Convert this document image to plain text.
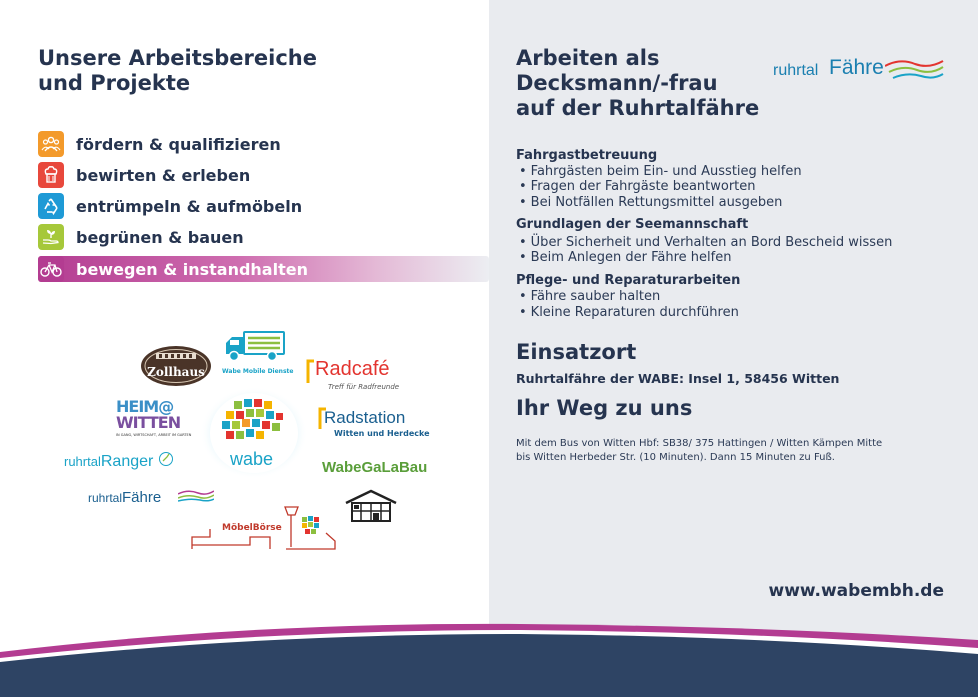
Unsere Arbeitsbereiche
und Projekte
fördern & qualifizieren
bewirten & erleben
entrümpeln & aufmöbeln
begrünen & bauen
bewegen & instandhalten
Zollhaus	Wabe Mobile Dienste	Radcafé
Treff für Radfreunde
HEIM@
WITTEN
IN GANG, WIRTSCHAFT, ARBEIT IM GARTEN
wabe
Radstation
Witten und Herdecke
ruhrtalRanger	WabeGaLaBau
ruhrtalFähre
MöbelBörse
Arbeiten als
Decksmann/-frau
auf der Ruhrtalfähre
ruhrtal Fähre
Fahrgastbetreuung
• Fahrgästen beim Ein- und Ausstieg helfen
• Fragen der Fahrgäste beantworten
• Bei Notfällen Rettungsmittel ausgeben
Grundlagen der Seemannschaft
• Über Sicherheit und Verhalten an Bord Bescheid wissen
• Beim Anlegen der Fähre helfen
Pflege- und Reparaturarbeiten
• Fähre sauber halten
• Kleine Reparaturen durchführen
Einsatzort
Ruhrtalfähre der WABE: Insel 1, 58456 Witten
Ihr Weg zu uns
Mit dem Bus von Witten Hbf: SB38/ 375 Hattingen / Witten Kämpen Mitte
bis Witten Herbeder Str. (10 Minuten). Dann 15 Minuten zu Fuß.
www.wabembh.de
